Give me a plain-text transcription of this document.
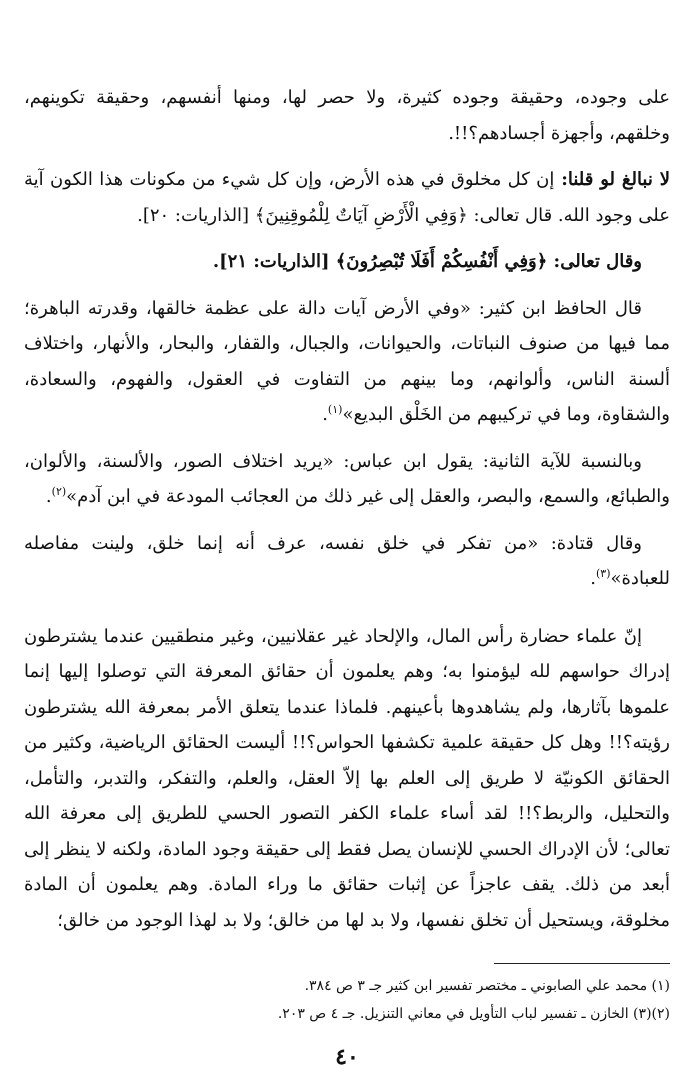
على وجوده، وحقيقة وجوده كثيرة، ولا حصر لها، ومنها أنفسهم، وحقيقة تكوينهم، وخلقهم، وأجهزة أجسادهم؟!!.

لا نبالغ لو قلنا: إن كل مخلوق في هذه الأرض، وإن كل شيء من مكونات هذا الكون آية على وجود الله. قال تعالى: ﴿وَفِي الْأَرْضِ آيَاتٌ لِلْمُوقِنِينَ﴾ [الذاريات: ٢٠].

وقال تعالى: ﴿وَفِي أَنْفُسِكُمْ أَفَلَا تُبْصِرُونَ﴾ [الذاريات: ٢١].

قال الحافظ ابن كثير: «وفي الأرض آيات دالة على عظمة خالقها، وقدرته الباهرة؛ مما فيها من صنوف النباتات، والحيوانات، والجبال، والقفار، والبحار، والأنهار، واختلاف ألسنة الناس، وألوانهم، وما بينهم من التفاوت في العقول، والفهوم، والسعادة، والشقاوة، وما في تركيبهم من الخَلْق البديع»$^{(١)}$.

وبالنسبة للآية الثانية: يقول ابن عباس: «يريد اختلاف الصور، والألسنة، والألوان، والطبائع، والسمع، والبصر، والعقل إلى غير ذلك من العجائب المودعة في ابن آدم»$^{(٢)}$.

وقال قتادة: «من تفكر في خلق نفسه، عرف أنه إنما خلق، ولينت مفاصله للعبادة»$^{(٣)}$.

إنّ علماء حضارة رأس المال، والإلحاد غير عقلانيين، وغير منطقيين عندما يشترطون إدراك حواسهم لله ليؤمنوا به؛ وهم يعلمون أن حقائق المعرفة التي توصلوا إليها إنما علموها بآثارها، ولم يشاهدوها بأعينهم. فلماذا عندما يتعلق الأمر بمعرفة الله يشترطون رؤيته؟!! وهل كل حقيقة علمية تكشفها الحواس؟!! أليست الحقائق الرياضية، وكثير من الحقائق الكونيّة لا طريق إلى العلم بها إلاّ العقل، والعلم، والتفكر، والتدبر، والتأمل، والتحليل، والربط؟!! لقد أساء علماء الكفر التصور الحسي للطريق إلى معرفة الله تعالى؛ لأن الإدراك الحسي للإنسان يصل فقط إلى حقيقة وجود المادة، ولكنه لا ينظر إلى أبعد من ذلك. يقف عاجزاً عن إثبات حقائق ما وراء المادة. وهم يعلمون أن المادة مخلوقة، ويستحيل أن تخلق نفسها، ولا بد لها من خالق؛ ولا بد لهذا الوجود من خالق؛

(١) محمد علي الصابوني ـ مختصر تفسير ابن كثير جـ ٣ ص ٣٨٤.

(٢)(٣) الخازن ـ تفسير لباب التأويل في معاني التنزيل. جـ ٤ ص ٢٠٣.

٤٠
